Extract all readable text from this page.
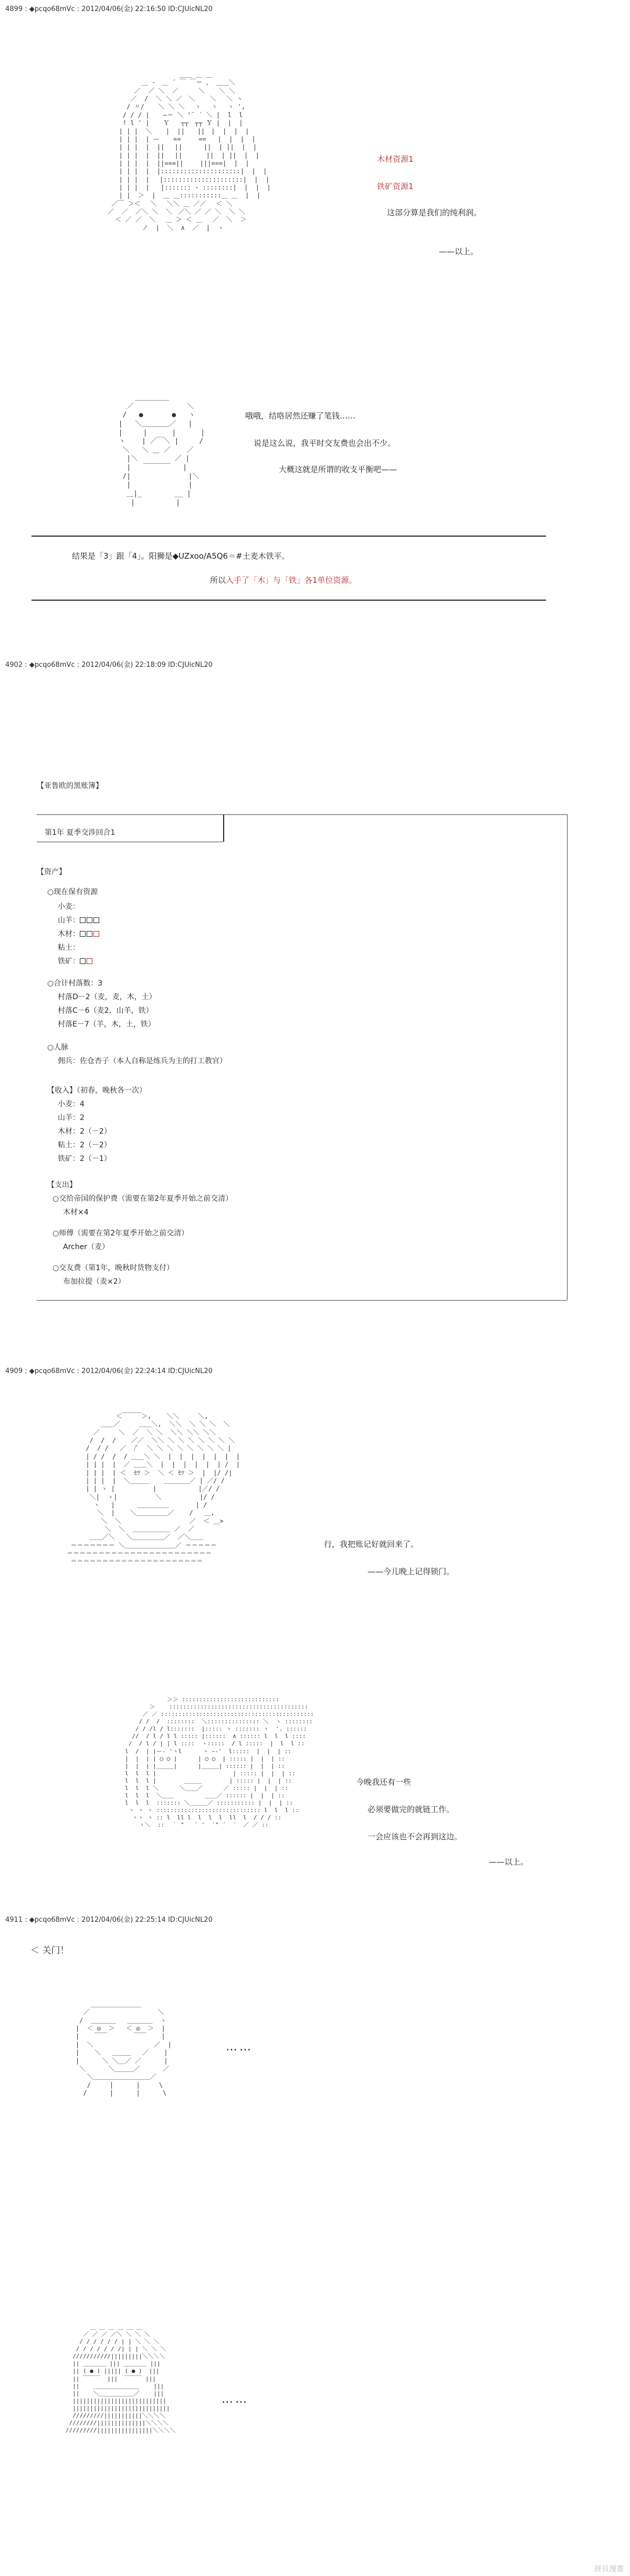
4899 : ◆pcqo68mVc : 2012/04/06(金) 22:16:50 ID:CJUicNL20
＿＿ ＿ ＿
＿ ‐　＿ ´ ￣ ￣＝ 、 ＿＿＼
／  ／ ＼  ／　　  ＼　  ＼ ＼
／  /  ＼ ＼ ／　＼    ＼　 ＼ ヽ
/ 〃/　  ＼ ＼ ＼　 ヽ　 ヽ　 ヽ ',
/ / / | 　 ―＝ ＼ '¨ ´ ＼ |  l  l
! l ' | 　 Ｙ   ┬┬　┬┬ Ｙ |  |  |
| | |  ＼ 　 |  ||　　||　|  |  |  |
| | |  | ー 　 ==  　 ==   |  |  |  |
| | |  |  ||　 ||   　 ||  | ||  |  |
| | |  |  ||　 ||　   　||  | ||  |  |
| | |  |  ||===||　　 |||===|  |  |
| | |  |  |:::::::::::::::::::::|  |  |
| | |  |　 |:::::::::::::::::::::|  |  |
| | |  |   |::::::: ‐ ::::::::|  |  |  |
| |  ＞  |  ＿ ＿:::::::::::＿ ＿  |  |
／￣ ＞＜　 ＼　 ＼＼ ＿ ／／　 ＜ ＼
／  ／  ／＼ ＼  ＼　／＼ ／ ／ ＼  ＼ ＼
＜ ／ ／  ＼　 ＿ ＞ ＜ ＿　 ／  ＼  ＞
ノ  |  ＼  ∧  ／  |  ヽ
木材资源1
铁矿资源1
这部分算是我们的纯利润。
——以上。
＿＿＿＿＿
／             ＼
/   ●       ●   ヽ
|   ＼＿＿＿＿／   |
|     |      |      |
ヽ    | ／￣＼ |     /
＼   ＼ ＿ ／    ／
|＼         ／ |
|   ￣￣￣￣   |
/|              |＼
|              |
＿|_        __ |
|          |
哦哦，结咯居然还赚了笔钱……
说是这么说，我平时交友费也会出不少。
大概这就是所谓的收支平衡吧——
结果是「3」跟「4」。阳狮是◆UZxoo/A5Q6＝#土麦木铁平。
所以入手了「木」与「铁」各1单位资源。
4902 : ◆pcqo68mVc : 2012/04/06(金) 22:18:09 ID:CJUicNL20
【亚鲁欧的黑账簿】
第1年 夏季交涉回合1
【资产】
○现在保有资源
小麦：
山羊：
木材：
粘土：
铁矿：
○合计村落数：3
村落D－2（麦，麦，木，土）
村落C－6（麦2，山羊，铁）
村落E－7（羊，木，土，铁）
○人脉
佣兵：佐仓杏子（本人自称是练兵为主的打工教官）
【收入】（初春，晚秋各一次）
小麦：4
山羊：2
木材：2（－2）
粘土：2（－2）
铁矿：2（－1）
【支出】
○交给帝国的保护费（需要在第2年夏季开始之前交清）
木材×4
○师傅（需要在第2年夏季开始之前交清）
Archer（麦）
○交友费（第1年，晚秋时货物支付）
布加拉提（麦×2）
4909 : ◆pcqo68mVc : 2012/04/06(金) 22:24:14 ID:CJUicNL20
＜￣￣￣＞,    ＼＼     ＼,
＿＿／     ＿＿＼,  ＼＼  ＼ ＼ ＼  ＼
／     ＼  ／  ＼ ＼  ＼＼ ＼＼ ＼＼
/  /  /    ／／  ＼＼ ＼ ＼ ＼ ＼ ＼ ＼ ＼
/  / /   ／  /ﾟ  ＼ ＼ ＼ ＼ ＼ ＼ ＼ ＼ |
| / /  /  / ＿＿＼ ＼  |  |  |  |  |  |  |
| | |  |  ／ ＿＿＼  |  |  |  |  |  | /  |
| | |  | ＜  ｾﾂ ＞  ＼ ＜ ｾﾂ ＞  |  |/ /|
| | |  |  ＼＿＿＿    ＿＿＿＿／ | ／/ /
| | ヽ |          |           |／/ /
＼|  ヽ|          ＼          |/ /
ヽ   |      ＿＿＿＿＿       | /
＼  |    ＼＿＿＿＿＿／    /   ＿,
＼  ＼                  ／  ＜ ＿>
＼  ＼  ＿＿＿＿＿＿ ／  ／
＿＿／＼   ＼＿＿＿＿＿／  ／＼＿＿
＝＝＝＝＝＝＝ ＼＿＿＿＿＿＿＿＿／ ＝＝＝＝＝
＝＝＝＝＝＝＝＝＝＝＝＝＝＝＝＝＝＝＝＝＝＝＝
＝＝＝＝＝＝＝＝＝＝＝＝＝＝＝＝＝＝＝＝＝
行，我把账记好就回来了。
——今儿晚上记得锁门。
＞＞ ::::::::::::::::::::::::::::
＞    ::::::::::::::::::::::::::::::::::::::::
／ ／ ::::::::::::::::::::::::::::::::::::::::::::
/ /  /  ::::::::  ＼::::::::::::::: ＼  ヽ ::::::::
/ / /l / l:::::::  |::::: ヽ ::::::: ヽ  '. ::::::
//  / l / l l ::::: |::::::  ∧ :::::: l  l  l ::::
/  / l / | | l ::::  ヽ:::::  / l :::::  |  l  l ::
l  /  | |ー‐ 'ヽl      ヽ ｰ‐'  l:::::  |  |  | ::
|  |  | | ○ ○ |      | ○ ○  | ::::: |  |  | ::
|  |  | |＿＿＿|      |＿＿＿| :::::: |  |  | ::
l  l  l |                      | ::::: |  |  | ::
l  l  l |        ＿＿＿        | ::::: |  |  | ::
l  l  l ＼      ＼＿＿／      ／ ::::: |  |  | ::
l  l  l  ＼＿＿         ＿＿／ :::::: |  |  | ::
l  l  l  ::::::: ＼＿＿＿／ ::::::::::: |  |  | ::
ヽ ヽ ヽ :::::::::::::::::::::::::::::: l  l  l ::
ヽヽ ヽ :: l  ll l  l  l  l  ll  l  / / / ::
ヽ＼  ::  ｀ "   ` '  `" ´  ´  ／ ／ ::
今晚我还有一些
必须要做完的就链工作。
一会应该也不会再到这边。
——以上。
4911 : ◆pcqo68mVc : 2012/04/06(金) 22:25:14 ID:CJUicNL20
＜ 关门！
＿＿＿＿＿＿＿＿
／                  ＼
/  ＿＿＿＿   ＿＿＿＿  ヽ
|  ＜ ◎  ＞   ＜ ◎  ＞  |
|    ￣￣       ￣￣    |
|  ＼                ／  |
|    ＼   ＿＿＿   ／    |
|      ＼ ＼＿／ ／      |
＼      ＼＿＿＿／      ／
＼＿＿＿＿＿＿＿＿＿／
/     |      |     \
/      |      |      \
……
＿ ＿ ＿ ＿ ＿ ＿
／ ／ ／ ／＼ ＼ ＼ ＼
/ / / / / / | | ＼ ＼ ＼
/ / / / / / /| | | ＼ ＼ ＼
///////////|||||||||＼＼＼＼
|| ＿＿＿＿ ||| ＿＿＿＿ |||
|| ( ● ) ||||| ( ● )  |||
|| ￣￣￣  |||  ￣￣￣ |||
||    ＿＿＿＿＿＿＿＿    |||
||    ＼＿＿＿＿＿＿／    |||
|||||||||||||||||||||||||||
||||||||||||||||||||||||||||
/////////|||||||||||＼＼＼＼
////////||||||||||||||＼＼＼＼
/////////||||||||||||||||＼＼＼＼
……
拼貝漫畫
